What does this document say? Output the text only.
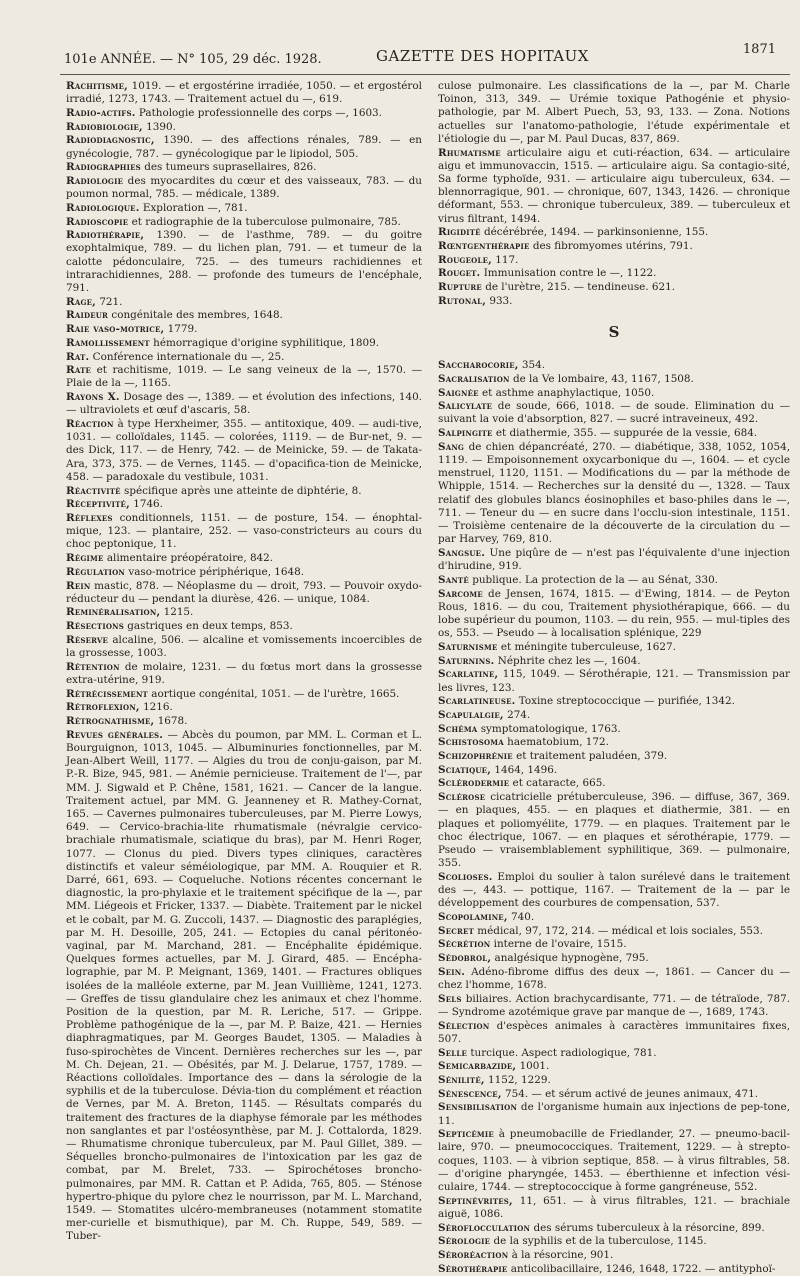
101e ANNÉE. — N° 105, 29 déc. 1928.	GAZETTE DES HOPITAUX	1871

Rachitisme, 1019. — et ergostérine irradiée, 1050. — et ergostérol irradié, 1273, 1743. — Traitement actuel du —, 619.

Radio-actifs. Pathologie professionnelle des corps —, 1603.

Radiobiologie, 1390.

Radiodiagnostic, 1390. — des affections rénales, 789. — en gynécologie, 787. — gynécologique par le lipiodol, 505.

Radiographies des tumeurs suprasellaires, 826.

Radiologie des myocardites du cœur et des vaisseaux, 783. — du poumon normal, 785. — médicale, 1389.

Radiologique. Exploration —, 781.

Radioscopie et radiographie de la tuberculose pulmonaire, 785.

Radiothérapie, 1390. — de l'asthme, 789. — du goitre exophtalmique, 789. — du lichen plan, 791. — et tumeur de la calotte pédonculaire, 725. — des tumeurs rachidiennes et intrarachidiennes, 288. — profonde des tumeurs de l'encéphale, 791.

Rage, 721.

Raideur congénitale des membres, 1648.

Raie vaso-motrice, 1779.

Ramollissement hémorragique d'origine syphilitique, 1809.

Rat. Conférence internationale du —, 25.

Rate et rachitisme, 1019. — Le sang veineux de la —, 1570. — Plaie de la —, 1165.

Rayons X. Dosage des —, 1389. — et évolution des infections, 140. — ultraviolets et œuf d'ascaris, 58.

Réaction à type Herxheimer, 355. — antitoxique, 409. — audi-tive, 1031. — colloïdales, 1145. — colorées, 1119. — de Bur-net, 9. — des Dick, 117. — de Henry, 742. — de Meinicke, 59. — de Takata-Ara, 373, 375. — de Vernes, 1145. — d'opacifica-tion de Meinicke, 458. — paradoxale du vestibule, 1031.

Réactivité spécifique après une atteinte de diphtérie, 8.

Réceptivité, 1746.

Réflexes conditionnels, 1151. — de posture, 154. — énophtal-mique, 123. — plantaire, 252. — vaso-constricteurs au cours du choc peptonique, 11.

Régime alimentaire préopératoire, 842.

Régulation vaso-motrice périphérique, 1648.

Rein mastic, 878. — Néoplasme du — droit, 793. — Pouvoir oxydo-réducteur du — pendant la diurèse, 426. — unique, 1084.

Reminéralisation, 1215.

Résections gastriques en deux temps, 853.

Réserve alcaline, 506. — alcaline et vomissements incoercibles de la grossesse, 1003.

Rétention de molaire, 1231. — du fœtus mort dans la grossesse extra-utérine, 919.

Rétrécissement aortique congénital, 1051. — de l'urètre, 1665.

Rétroflexion, 1216.

Rétrognathisme, 1678.

Revues générales. — Abcès du poumon, par MM. L. Corman et L. Bourguignon, 1013, 1045. — Albuminuries fonctionnelles, par M. Jean-Albert Weill, 1177. — Algies du trou de conju-gaison, par M. P.-R. Bize, 945, 981. — Anémie pernicieuse. Traitement de l'—, par MM. J. Sigwald et P. Chêne, 1581, 1621. — Cancer de la langue. Traitement actuel, par MM. G. Jeanneney et R. Mathey-Cornat, 165. — Cavernes pulmonaires tuberculeuses, par M. Pierre Lowys, 649. — Cervico-brachia-lite rhumatismale (névralgie cervico-brachiale rhumatismale, sciatique du bras), par M. Henri Roger, 1077. — Clonus du pied. Divers types cliniques, caractères distinctifs et valeur séméiologique, par MM. A. Rouquier et R. Darré, 661, 693. — Coqueluche. Notions récentes concernant le diagnostic, la pro-phylaxie et le traitement spécifique de la —, par MM. Liégeois et Fricker, 1337. — Diabète. Traitement par le nickel et le cobalt, par M. G. Zuccoli, 1437. — Diagnostic des paraplégies, par M. H. Desoille, 205, 241. — Ectopies du canal péritonéo-vaginal, par M. Marchand, 281. — Encéphalite épidémique. Quelques formes actuelles, par M. J. Girard, 485. — Encépha-lographie, par M. P. Meignant, 1369, 1401. — Fractures obliques isolées de la malléole externe, par M. Jean Vuillième, 1241, 1273. — Greffes de tissu glandulaire chez les animaux et chez l'homme. Position de la question, par M. R. Leriche, 517. — Grippe. Problème pathogénique de la —, par M. P. Baize, 421. — Hernies diaphragmatiques, par M. Georges Baudet, 1305. — Maladies à fuso-spirochètes de Vincent. Dernières recherches sur les —, par M. Ch. Dejean, 21. — Obésités, par M. J. Delarue, 1757, 1789. — Réactions colloïdales. Importance des — dans la sérologie de la syphilis et de la tuberculose. Dévia-tion du complément et réaction de Vernes, par M. A. Breton, 1145. — Résultats comparés du traitement des fractures de la diaphyse fémorale par les méthodes non sanglantes et par l'ostéosynthèse, par M. J. Cottalorda, 1829. — Rhumatisme chronique tuberculeux, par M. Paul Gillet, 389. — Séquelles broncho-pulmonaires de l'intoxication par les gaz de combat, par M. Brelet, 733. — Spirochétoses broncho-pulmonaires, par MM. R. Cattan et P. Adida, 765, 805. — Sténose hypertro-phique du pylore chez le nourrisson, par M. L. Marchand, 1549. — Stomatites ulcéro-membraneuses (notamment stomatite mer-curielle et bismuthique), par M. Ch. Ruppe, 549, 589. — Tuber-

culose pulmonaire. Les classifications de la —, par M. Charle Toinon, 313, 349. — Urémie toxique Pathogénie et physio-pathologie, par M. Albert Puech, 53, 93, 133. — Zona. Notions actuelles sur l'anatomo-pathologie, l'étude expérimentale et l'étiologie du —, par M. Paul Ducas, 837, 869.

Rhumatisme articulaire aigu et cuti-réaction, 634. — articulaire aigu et immunovaccin, 1515. — articulaire aigu. Sa contagio-sité, Sa forme typhoïde, 931. — articulaire aigu tuberculeux, 634. — blennorragique, 901. — chronique, 607, 1343, 1426. — chronique déformant, 553. — chronique tuberculeux, 389. — tuberculeux et virus filtrant, 1494.

Rigidité décérébrée, 1494. — parkinsonienne, 155.

Rœntgenthérapie des fibromyomes utérins, 791.

Rougeole, 117.

Rouget. Immunisation contre le —, 1122.

Rupture de l'urètre, 215. — tendineuse. 621.

Rutonal, 933.

S

Saccharocorie, 354.

Sacralisation de la Ve lombaire, 43, 1167, 1508.

Saignée et asthme anaphylactique, 1050.

Salicylate de soude, 666, 1018. — de soude. Elimination du — suivant la voie d'absorption, 827. — sucré intraveineux, 492.

Salpingite et diathermie, 355. — suppurée de la vessie, 684.

Sang de chien dépancréaté, 270. — diabétique, 338, 1052, 1054, 1119. — Empoisonnement oxycarbonique du —, 1604. — et cycle menstruel, 1120, 1151. — Modifications du — par la méthode de Whipple, 1514. — Recherches sur la densité du —, 1328. — Taux relatif des globules blancs éosinophiles et baso-philes dans le —, 711. — Teneur du — en sucre dans l'occlu-sion intestinale, 1151. — Troisième centenaire de la découverte de la circulation du — par Harvey, 769, 810.

Sangsue. Une piqûre de — n'est pas l'équivalente d'une injection d'hirudine, 919.

Santé publique. La protection de la — au Sénat, 330.

Sarcome de Jensen, 1674, 1815. — d'Ewing, 1814. — de Peyton Rous, 1816. — du cou, Traitement physiothérapique, 666. — du lobe supérieur du poumon, 1103. — du rein, 955. — mul-tiples des os, 553. — Pseudo — à localisation splénique, 229

Saturnisme et méningite tuberculeuse, 1627.

Saturnins. Néphrite chez les —, 1604.

Scarlatine, 115, 1049. — Sérothérapie, 121. — Transmission par les livres, 123.

Scarlatineuse. Toxine streptococcique — purifiée, 1342.

Scapulalgie, 274.

Schéma symptomatologique, 1763.

Schistosoma haematobium, 172.

Schizophrénie et traitement paludéen, 379.

Sciatique, 1464, 1496.

Sclérodermie et cataracte, 665.

Sclérose cicatricielle prétuberculeuse, 396. — diffuse, 367, 369. — en plaques, 455. — en plaques et diathermie, 381. — en plaques et poliomyélite, 1779. — en plaques. Traitement par le choc électrique, 1067. — en plaques et sérothérapie, 1779. — Pseudo — vraisemblablement syphilitique, 369. — pulmonaire, 355.

Scolioses. Emploi du soulier à talon surélevé dans le traitement des —, 443. — pottique, 1167. — Traitement de la — par le développement des courbures de compensation, 537.

Scopolamine, 740.

Secret médical, 97, 172, 214. — médical et lois sociales, 553.

Sécrétion interne de l'ovaire, 1515.

Sédobrol, analgésique hypnogène, 795.

Sein. Adéno-fibrome diffus des deux —, 1861. — Cancer du — chez l'homme, 1678.

Sels biliaires. Action brachycardisante, 771. — de tétraïode, 787. — Syndrome azotémique grave par manque de —, 1689, 1743.

Sélection d'espèces animales à caractères immunitaires fixes, 507.

Selle turcique. Aspect radiologique, 781.

Semicarbazide, 1001.

Sénilité, 1152, 1229.

Sénescence, 754. — et sérum activé de jeunes animaux, 471.

Sensibilisation de l'organisme humain aux injections de pep-tone, 11.

Septicémie à pneumobacille de Friedlander, 27. — pneumo-bacil-laire, 970. — pneumococciques. Traitement, 1229. — à strepto-coques, 1103. — à vibrion septique, 858. — à virus filtrables, 58. — d'origine pharyngée, 1453. — éberthienne et infection vési-culaire, 1744. — streptococcique à forme gangréneuse, 552.

Septinévrites, 11, 651. — à virus filtrables, 121. — brachiale aiguë, 1086.

Séroflocculation des sérums tuberculeux à la résorcine, 899.

Sérologie de la syphilis et de la tuberculose, 1145.

Séroréaction à la résorcine, 901.

Sérothérapie anticolibacillaire, 1246, 1648, 1722. — antityphoï-
